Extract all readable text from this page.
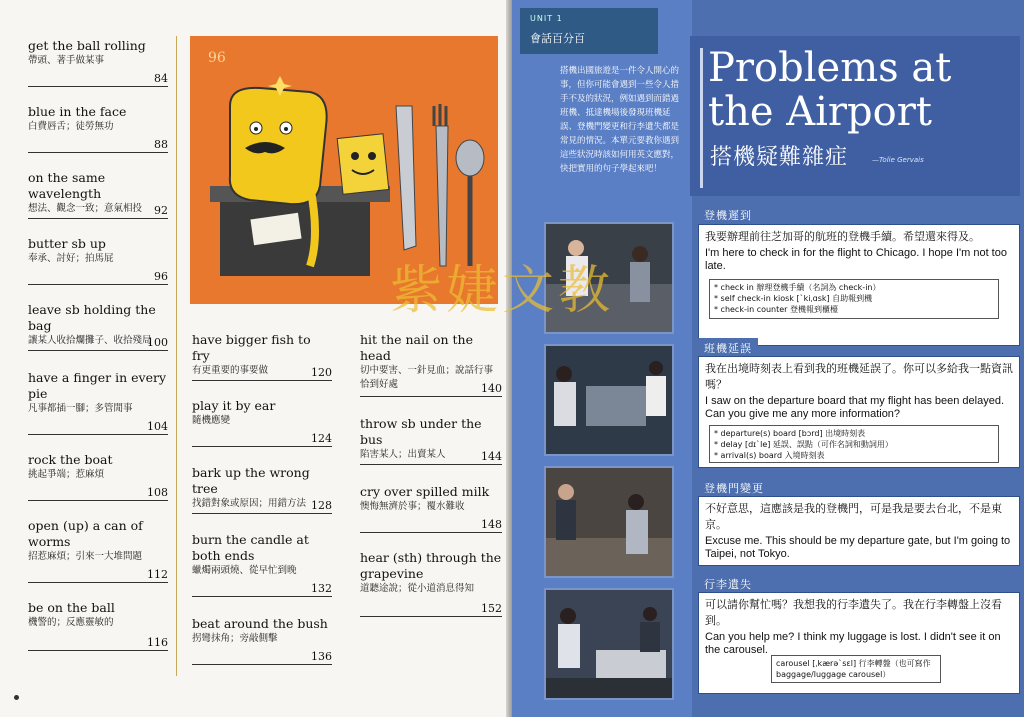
get the ball rolling
帶頭、著手做某事
84
blue in the face
白費唇舌；徒勞無功
88
on the same wavelength
想法、觀念一致；意氣相投	92
butter sb up
奉承、討好；拍馬屁
96
leave sb holding the bag
讓某人收拾爛攤子、收拾殘局
100
have a finger in every pie
凡事都插一腳；多管閒事
104
rock the boat
挑起爭端；惹麻煩
108
open (up) a can of worms
招惹麻煩；引來一大堆問題
112
be on the ball
機警的；反應靈敏的
116
96
have bigger fish to fry
有更重要的事要做	120
play it by ear
隨機應變
124
bark up the wrong tree
找錯對象或原因；用錯方法 128
burn the candle at both ends
蠟燭兩頭燒、從早忙到晚
132
beat around the bush
拐彎抹角；旁敲側擊
136
hit the nail on the head
切中要害、一針見血；說話行事恰到好處	140
throw sb under the bus
陷害某人；出賣某人	144
cry over spilled milk
懊悔無濟於事；覆水難收
148
hear (sth) through the grapevine
道聽途說；從小道消息得知
152
UNIT 1
會話百分百
搭機出國旅遊是一件令人開心的事，但你可能會遇到一些令人措手不及的狀況，例如遇到而錯過班機、抵達機場後發現班機延誤、登機門變更和行李遺失都是常見的情況。本單元要教你遇到這些狀況時該如何用英文應對，快把實用的句子學起來吧！
Problems at the Airport
搭機疑難雜症	—Tolie Gervais
登機遲到
我要辦理前往芝加哥的航班的登機手續。希望還來得及。
I'm here to check in for the flight to Chicago. I hope I'm not too late.
* check in 辦理登機手續（名詞為 check-in）
* self check-in kiosk [ˋkiˌɑsk] 自助報到機
* check-in counter 登機報到櫃檯
班機延誤
我在出境時刻表上看到我的班機延誤了。你可以多給我一點資訊嗎？
I saw on the departure board that my flight has been delayed. Can you give me any more information?
* departure(s) board [bɔrd] 出境時刻表
* delay [dɪˋle] 延誤、誤點（可作名詞和動詞用）
* arrival(s) board 入境時刻表
登機門變更
不好意思，這應該是我的登機門，可是我是要去台北，不是東京。
Excuse me. This should be my departure gate, but I'm going to Taipei, not Tokyo.
行李遺失
可以請你幫忙嗎？我想我的行李遺失了。我在行李轉盤上沒看到。
Can you help me? I think my luggage is lost. I didn't see it on the carousel.
carousel [ˌkærəˋsɛl] 行李轉盤（也可寫作 baggage/luggage carousel）
紫婕文教
